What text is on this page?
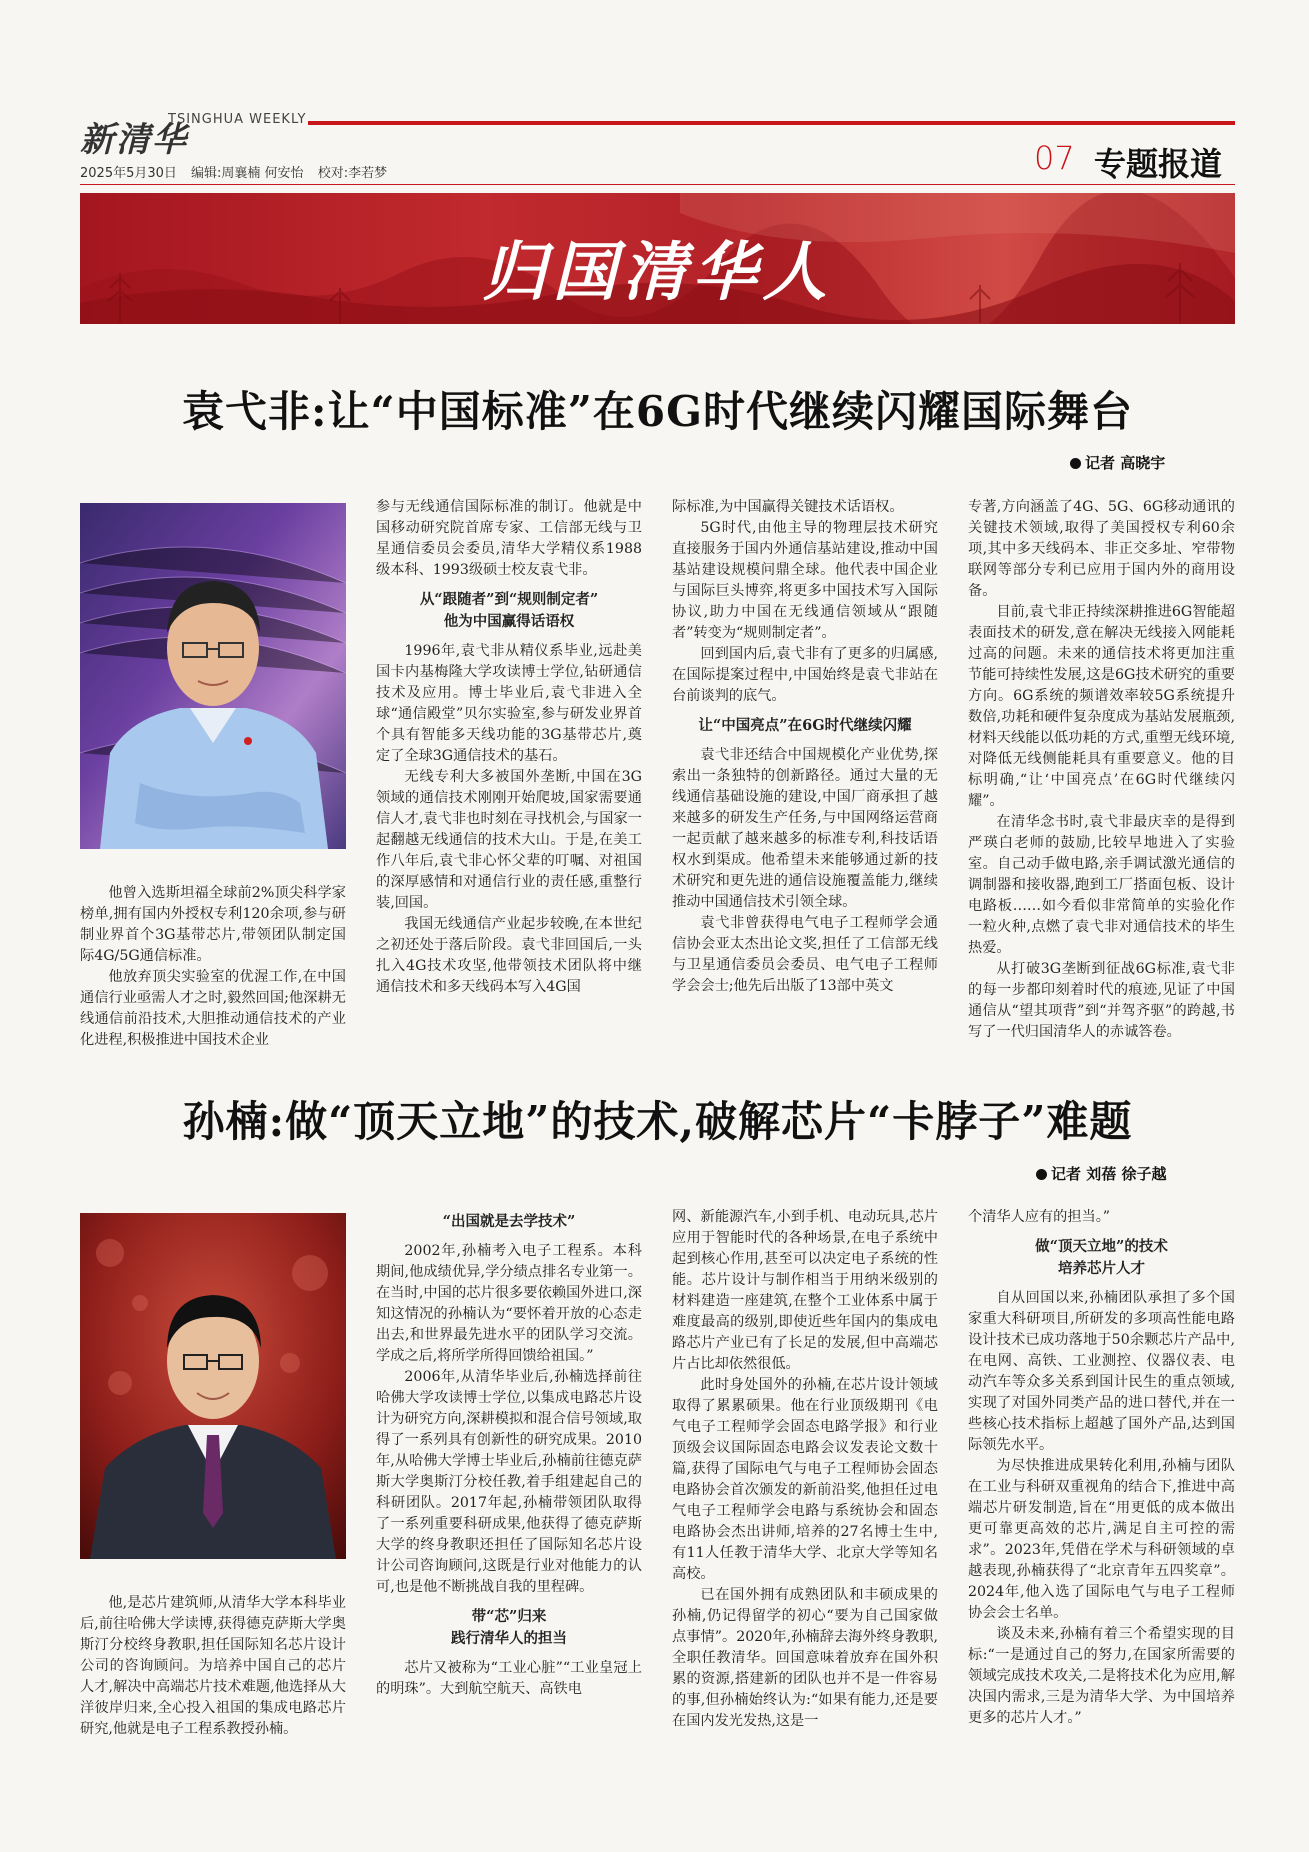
新清华
TSINGHUA WEEKLY
2025年5月30日 编辑:周襄楠 何安怡 校对:李若梦	07 专题报道
归国清华人
袁弋非:让“中国标准”在6G时代继续闪耀国际舞台
记者 高晓宇

他曾入选斯坦福全球前2%顶尖科学家榜单,拥有国内外授权专利120余项,参与研制业界首个3G基带芯片,带领团队制定国际4G/5G通信标准。

他放弃顶尖实验室的优渥工作,在中国通信行业亟需人才之时,毅然回国;他深耕无线通信前沿技术,大胆推动通信技术的产业化进程,积极推进中国技术企业

参与无线通信国际标准的制订。他就是中国移动研究院首席专家、工信部无线与卫星通信委员会委员,清华大学精仪系1988级本科、1993级硕士校友袁弋非。

从“跟随者”到“规则制定者”
他为中国赢得话语权

1996年,袁弋非从精仪系毕业,远赴美国卡内基梅隆大学攻读博士学位,钻研通信技术及应用。博士毕业后,袁弋非进入全球“通信殿堂”贝尔实验室,参与研发业界首个具有智能多天线功能的3G基带芯片,奠定了全球3G通信技术的基石。

无线专利大多被国外垄断,中国在3G领域的通信技术刚刚开始爬坡,国家需要通信人才,袁弋非也时刻在寻找机会,与国家一起翻越无线通信的技术大山。于是,在美工作八年后,袁弋非心怀父辈的叮嘱、对祖国的深厚感情和对通信行业的责任感,重整行装,回国。

我国无线通信产业起步较晚,在本世纪之初还处于落后阶段。袁弋非回国后,一头扎入4G技术攻坚,他带领技术团队将中继通信技术和多天线码本写入4G国

际标准,为中国赢得关键技术话语权。

5G时代,由他主导的物理层技术研究直接服务于国内外通信基站建设,推动中国基站建设规模问鼎全球。他代表中国企业与国际巨头博弈,将更多中国技术写入国际协议,助力中国在无线通信领域从“跟随者”转变为“规则制定者”。

回到国内后,袁弋非有了更多的归属感,在国际提案过程中,中国始终是袁弋非站在台前谈判的底气。

让“中国亮点”在6G时代继续闪耀

袁弋非还结合中国规模化产业优势,探索出一条独特的创新路径。通过大量的无线通信基础设施的建设,中国厂商承担了越来越多的研发生产任务,与中国网络运营商一起贡献了越来越多的标准专利,科技话语权水到渠成。他希望未来能够通过新的技术研究和更先进的通信设施覆盖能力,继续推动中国通信技术引领全球。

袁弋非曾获得电气电子工程师学会通信协会亚太杰出论文奖,担任了工信部无线与卫星通信委员会委员、电气电子工程师学会会士;他先后出版了13部中英文

专著,方向涵盖了4G、5G、6G移动通讯的关键技术领域,取得了美国授权专利60余项,其中多天线码本、非正交多址、窄带物联网等部分专利已应用于国内外的商用设备。

目前,袁弋非正持续深耕推进6G智能超表面技术的研发,意在解决无线接入网能耗过高的问题。未来的通信技术将更加注重节能可持续性发展,这是6G技术研究的重要方向。6G系统的频谱效率较5G系统提升数倍,功耗和硬件复杂度成为基站发展瓶颈,材料天线能以低功耗的方式,重塑无线环境,对降低无线侧能耗具有重要意义。他的目标明确,“让‘中国亮点’在6G时代继续闪耀”。

在清华念书时,袁弋非最庆幸的是得到严瑛白老师的鼓励,比较早地进入了实验室。自己动手做电路,亲手调试激光通信的调制器和接收器,跑到工厂搭面包板、设计电路板……如今看似非常简单的实验化作一粒火种,点燃了袁弋非对通信技术的毕生热爱。

从打破3G垄断到征战6G标准,袁弋非的每一步都印刻着时代的痕迹,见证了中国通信从“望其项背”到“并驾齐驱”的跨越,书写了一代归国清华人的赤诚答卷。

孙楠:做“顶天立地”的技术,破解芯片“卡脖子”难题
记者 刘蓓 徐子越

他,是芯片建筑师,从清华大学本科毕业后,前往哈佛大学读博,获得德克萨斯大学奥斯汀分校终身教职,担任国际知名芯片设计公司的咨询顾问。为培养中国自己的芯片人才,解决中高端芯片技术难题,他选择从大洋彼岸归来,全心投入祖国的集成电路芯片研究,他就是电子工程系教授孙楠。

“出国就是去学技术”

2002年,孙楠考入电子工程系。本科期间,他成绩优异,学分绩点排名专业第一。在当时,中国的芯片很多要依赖国外进口,深知这情况的孙楠认为“要怀着开放的心态走出去,和世界最先进水平的团队学习交流。学成之后,将所学所得回馈给祖国。”

2006年,从清华毕业后,孙楠选择前往哈佛大学攻读博士学位,以集成电路芯片设计为研究方向,深耕模拟和混合信号领域,取得了一系列具有创新性的研究成果。2010年,从哈佛大学博士毕业后,孙楠前往德克萨斯大学奥斯汀分校任教,着手组建起自己的科研团队。2017年起,孙楠带领团队取得了一系列重要科研成果,他获得了德克萨斯大学的终身教职还担任了国际知名芯片设计公司咨询顾问,这既是行业对他能力的认可,也是他不断挑战自我的里程碑。

带“芯”归来
践行清华人的担当

芯片又被称为“工业心脏”“工业皇冠上的明珠”。大到航空航天、高铁电

网、新能源汽车,小到手机、电动玩具,芯片应用于智能时代的各种场景,在电子系统中起到核心作用,甚至可以决定电子系统的性能。芯片设计与制作相当于用纳米级别的材料建造一座建筑,在整个工业体系中属于难度最高的级别,即使近些年国内的集成电路芯片产业已有了长足的发展,但中高端芯片占比却依然很低。

此时身处国外的孙楠,在芯片设计领域取得了累累硕果。他在行业顶级期刊《电气电子工程师学会固态电路学报》和行业顶级会议国际固态电路会议发表论文数十篇,获得了国际电气与电子工程师协会固态电路协会首次颁发的新前沿奖,他担任过电气电子工程师学会电路与系统协会和固态电路协会杰出讲师,培养的27名博士生中,有11人任教于清华大学、北京大学等知名高校。

已在国外拥有成熟团队和丰硕成果的孙楠,仍记得留学的初心“要为自己国家做点事情”。2020年,孙楠辞去海外终身教职,全职任教清华。回国意味着放弃在国外积累的资源,搭建新的团队也并不是一件容易的事,但孙楠始终认为:“如果有能力,还是要在国内发光发热,这是一

个清华人应有的担当。”

做“顶天立地”的技术
培养芯片人才

自从回国以来,孙楠团队承担了多个国家重大科研项目,所研发的多项高性能电路设计技术已成功落地于50余颗芯片产品中,在电网、高铁、工业测控、仪器仪表、电动汽车等众多关系到国计民生的重点领域,实现了对国外同类产品的进口替代,并在一些核心技术指标上超越了国外产品,达到国际领先水平。

为尽快推进成果转化利用,孙楠与团队在工业与科研双重视角的结合下,推进中高端芯片研发制造,旨在“用更低的成本做出更可靠更高效的芯片,满足自主可控的需求”。2023年,凭借在学术与科研领域的卓越表现,孙楠获得了“北京青年五四奖章”。2024年,他入选了国际电气与电子工程师协会会士名单。

谈及未来,孙楠有着三个希望实现的目标:“一是通过自己的努力,在国家所需要的领域完成技术攻关,二是将技术化为应用,解决国内需求,三是为清华大学、为中国培养更多的芯片人才。”
